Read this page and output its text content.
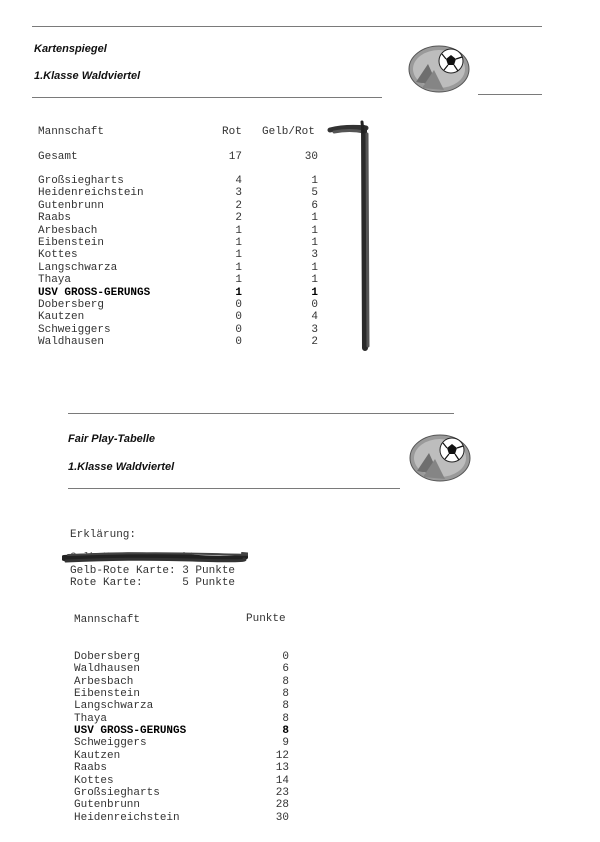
Kartenspiegel
1.Klasse Waldviertel
Mannschaft	Rot Gelb/Rot
Gesamt	17	30
Großsiegharts	4	1
Heidenreichstein	3	5
Gutenbrunn	2	6
Raabs	2	1
Arbesbach	1	1
Eibenstein	1	1
Kottes	1	3
Langschwarza	1	1
Thaya	1	1
USV GROSS-GERUNGS	1	1
Dobersberg	0	0
Kautzen	0	4
Schweiggers	0	3
Waldhausen	0	2
Fair Play-Tabelle
1.Klasse Waldviertel
Erklärung:
Gelb Karte: 1 Punkt
Gelb-Rote Karte: 3 Punkte
Rote Karte:      5 Punkte
Mannschaft	Punkte
Dobersberg	0
Waldhausen	6
Arbesbach	8
Eibenstein	8
Langschwarza	8
Thaya	8
USV GROSS-GERUNGS	8
Schweiggers	9
Kautzen	12
Raabs	13
Kottes	14
Großsiegharts	23
Gutenbrunn	28
Heidenreichstein	30
